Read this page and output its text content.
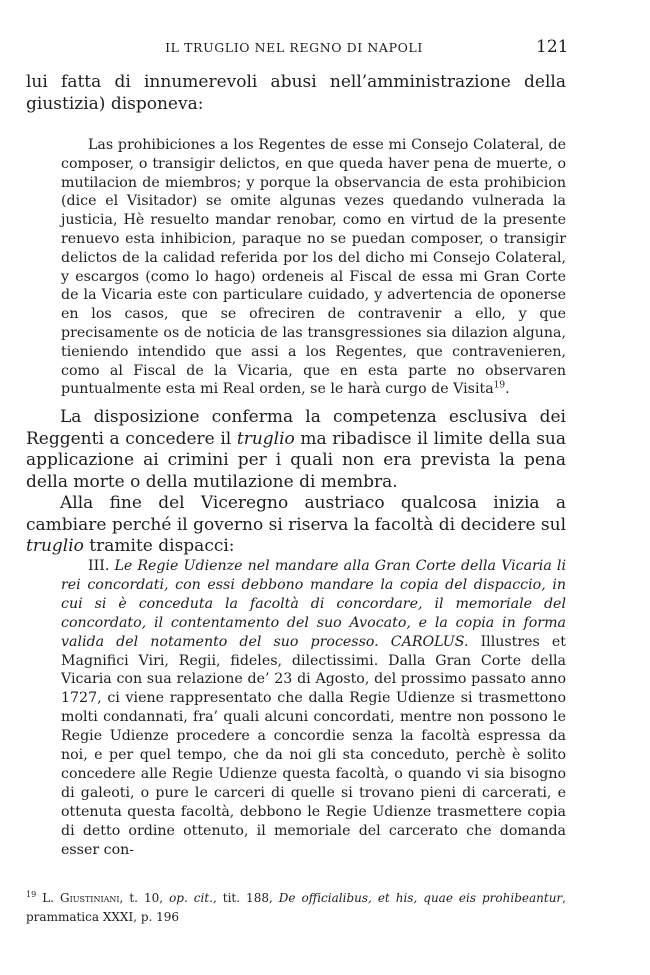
IL TRUGLIO NEL REGNO DI NAPOLI	121

lui fatta di innumerevoli abusi nell’amministrazione della giustizia) disponeva:

Las prohibiciones a los Regentes de esse mi Consejo Colateral, de composer, o transigir delictos, en que queda haver pena de muerte, o mutilacion de miembros; y porque la observancia de esta prohibicion (dice el Visitador) se omite algunas vezes quedando vulnerada la justicia, Hè resuelto mandar renobar, como en virtud de la presente renuevo esta inhibicion, paraque no se puedan composer, o transigir delictos de la calidad referida por los del dicho mi Consejo Colateral, y escargos (como lo hago) ordeneis al Fiscal de essa mi Gran Corte de la Vicaria este con particulare cuidado, y advertencia de oponerse en los casos, que se ofreciren de contravenir a ello, y que precisamente os de noticia de las transgressiones sia dilazion alguna, tieniendo intendido que assi a los Regentes, que contravenieren, como al Fiscal de la Vicaria, que en esta parte no observaren puntualmente esta mi Real orden, se le harà curgo de Visita$^{19}$.

La disposizione conferma la competenza esclusiva dei Reggenti a concedere il truglio ma ribadisce il limite della sua applicazione ai crimini per i quali non era prevista la pena della morte o della mutilazione di membra.

Alla fine del Viceregno austriaco qualcosa inizia a cambiare perché il governo si riserva la facoltà di decidere sul truglio tramite dispacci:

III. Le Regie Udienze nel mandare alla Gran Corte della Vicaria li rei concordati, con essi debbono mandare la copia del dispaccio, in cui si è conceduta la facoltà di concordare, il memoriale del concordato, il contentamento del suo Avocato, e la copia in forma valida del notamento del suo processo. CAROLUS. Illustres et Magnifici Viri, Regii, fideles, dilectissimi. Dalla Gran Corte della Vicaria con sua relazione de’ 23 di Agosto, del prossimo passato anno 1727, ci viene rappresentato che dalla Regie Udienze si trasmettono molti condannati, fra’ quali alcuni concordati, mentre non possono le Regie Udienze procedere a concordie senza la facoltà espressa da noi, e per quel tempo, che da noi gli sta conceduto, perchè è solito concedere alle Regie Udienze questa facoltà, o quando vi sia bisogno di galeoti, o pure le carceri di quelle si trovano pieni di carcerati, e ottenuta questa facoltà, debbono le Regie Udienze trasmettere copia di detto ordine ottenuto, il memoriale del carcerato che domanda esser con-
$^{19}$ L. Giustiniani, t. 10, op. cit., tit. 188, De officialibus, et his, quae eis prohibeantur, prammatica XXXI, p. 196
